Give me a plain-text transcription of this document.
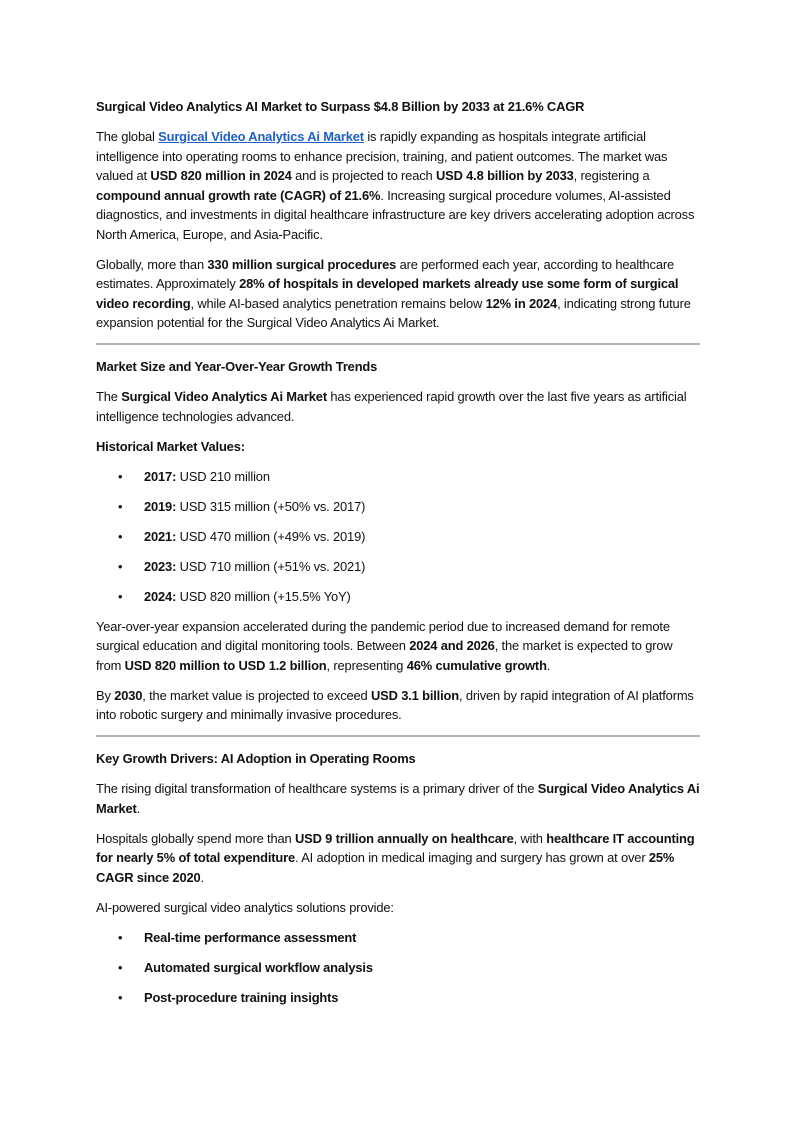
Surgical Video Analytics AI Market to Surpass $4.8 Billion by 2033 at 21.6% CAGR

The global Surgical Video Analytics Ai Market is rapidly expanding as hospitals integrate artificial intelligence into operating rooms to enhance precision, training, and patient outcomes. The market was valued at USD 820 million in 2024 and is projected to reach USD 4.8 billion by 2033, registering a compound annual growth rate (CAGR) of 21.6%. Increasing surgical procedure volumes, AI-assisted diagnostics, and investments in digital healthcare infrastructure are key drivers accelerating adoption across North America, Europe, and Asia-Pacific.

Globally, more than 330 million surgical procedures are performed each year, according to healthcare estimates. Approximately 28% of hospitals in developed markets already use some form of surgical video recording, while AI-based analytics penetration remains below 12% in 2024, indicating strong future expansion potential for the Surgical Video Analytics Ai Market.

Market Size and Year-Over-Year Growth Trends

The Surgical Video Analytics Ai Market has experienced rapid growth over the last five years as artificial intelligence technologies advanced.

Historical Market Values:

• 2017: USD 210 million
• 2019: USD 315 million (+50% vs. 2017)
• 2021: USD 470 million (+49% vs. 2019)
• 2023: USD 710 million (+51% vs. 2021)
• 2024: USD 820 million (+15.5% YoY)

Year-over-year expansion accelerated during the pandemic period due to increased demand for remote surgical education and digital monitoring tools. Between 2024 and 2026, the market is expected to grow from USD 820 million to USD 1.2 billion, representing 46% cumulative growth.

By 2030, the market value is projected to exceed USD 3.1 billion, driven by rapid integration of AI platforms into robotic surgery and minimally invasive procedures.

Key Growth Drivers: AI Adoption in Operating Rooms

The rising digital transformation of healthcare systems is a primary driver of the Surgical Video Analytics Ai Market.

Hospitals globally spend more than USD 9 trillion annually on healthcare, with healthcare IT accounting for nearly 5% of total expenditure. AI adoption in medical imaging and surgery has grown at over 25% CAGR since 2020.

AI-powered surgical video analytics solutions provide:

• Real-time performance assessment
• Automated surgical workflow analysis
• Post-procedure training insights
